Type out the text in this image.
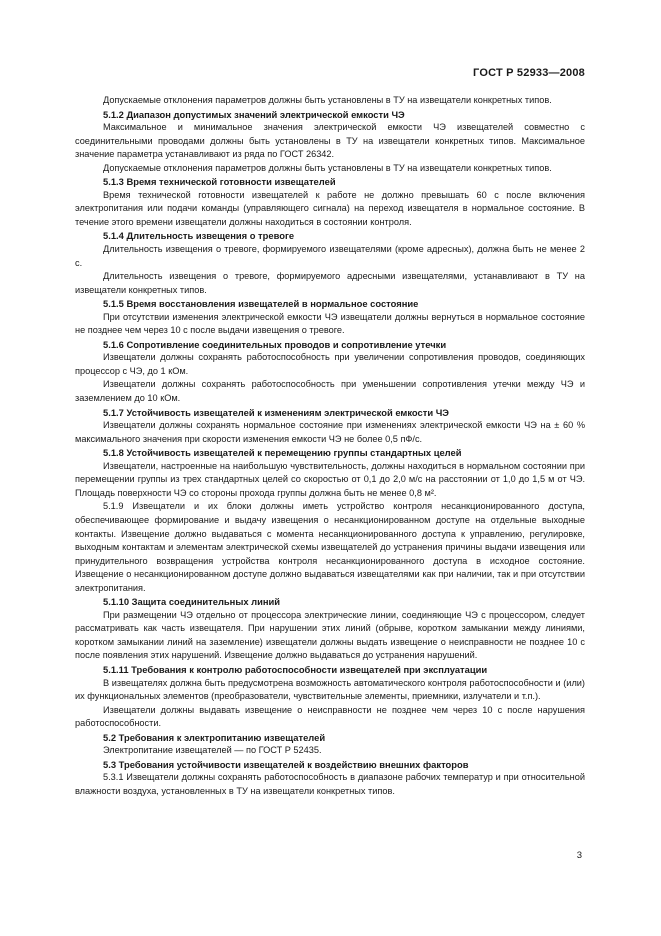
ГОСТ Р 52933—2008

Допускаемые отклонения параметров должны быть установлены в ТУ на извещатели конкретных типов.

5.1.2 Диапазон допустимых значений электрической емкости ЧЭ

Максимальное и минимальное значения электрической емкости ЧЭ извещателей совместно с соединительными проводами должны быть установлены в ТУ на извещатели конкретных типов. Максимальное значение параметра устанавливают из ряда по ГОСТ 26342.

Допускаемые отклонения параметров должны быть установлены в ТУ на извещатели конкретных типов.

5.1.3 Время технической готовности извещателей

Время технической готовности извещателей к работе не должно превышать 60 с после включения электропитания или подачи команды (управляющего сигнала) на переход извещателя в нормальное состояние. В течение этого времени извещатели должны находиться в состоянии контроля.

5.1.4 Длительность извещения о тревоге

Длительность извещения о тревоге, формируемого извещателями (кроме адресных), должна быть не менее 2 с.

Длительность извещения о тревоге, формируемого адресными извещателями, устанавливают в ТУ на извещатели конкретных типов.

5.1.5 Время восстановления извещателей в нормальное состояние

При отсутствии изменения электрической емкости ЧЭ извещатели должны вернуться в нормальное состояние не позднее чем через 10 с после выдачи извещения о тревоге.

5.1.6 Сопротивление соединительных проводов и сопротивление утечки

Извещатели должны сохранять работоспособность при увеличении сопротивления проводов, соединяющих процессор с ЧЭ, до 1 кОм.

Извещатели должны сохранять работоспособность при уменьшении сопротивления утечки между ЧЭ и заземлением до 10 кОм.

5.1.7 Устойчивость извещателей к изменениям электрической емкости ЧЭ

Извещатели должны сохранять нормальное состояние при изменениях электрической емкости ЧЭ на ± 60 % максимального значения при скорости изменения емкости ЧЭ не более 0,5 пФ/с.

5.1.8 Устойчивость извещателей к перемещению группы стандартных целей

Извещатели, настроенные на наибольшую чувствительность, должны находиться в нормальном состоянии при перемещении группы из трех стандартных целей со скоростью от 0,1 до 2,0 м/с на расстоянии от 1,0 до 1,5 м от ЧЭ. Площадь поверхности ЧЭ со стороны прохода группы должна быть не менее 0,8 м².

5.1.9 Извещатели и их блоки должны иметь устройство контроля несанкционированного доступа, обеспечивающее формирование и выдачу извещения о несанкционированном доступе на отдельные выходные контакты. Извещение должно выдаваться с момента несанкционированного доступа к управлению, регулировке, выходным контактам и элементам электрической схемы извещателей до устранения причины выдачи извещения или принудительного возвращения устройства контроля несанкционированного доступа в исходное состояние. Извещение о несанкционированном доступе должно выдаваться извещателями как при наличии, так и при отсутствии электропитания.

5.1.10 Защита соединительных линий

При размещении ЧЭ отдельно от процессора электрические линии, соединяющие ЧЭ с процессором, следует рассматривать как часть извещателя. При нарушении этих линий (обрыве, коротком замыкании между линиями, коротком замыкании линий на заземление) извещатели должны выдать извещение о неисправности не позднее 10 с после появления этих нарушений. Извещение должно выдаваться до устранения нарушений.

5.1.11 Требования к контролю работоспособности извещателей при эксплуатации

В извещателях должна быть предусмотрена возможность автоматического контроля работоспособности и (или) их функциональных элементов (преобразователи, чувствительные элементы, приемники, излучатели и т.п.).

Извещатели должны выдавать извещение о неисправности не позднее чем через 10 с после нарушения работоспособности.

5.2 Требования к электропитанию извещателей

Электропитание извещателей — по ГОСТ Р 52435.

5.3 Требования устойчивости извещателей к воздействию внешних факторов

5.3.1 Извещатели должны сохранять работоспособность в диапазоне рабочих температур и при относительной влажности воздуха, установленных в ТУ на извещатели конкретных типов.

3
